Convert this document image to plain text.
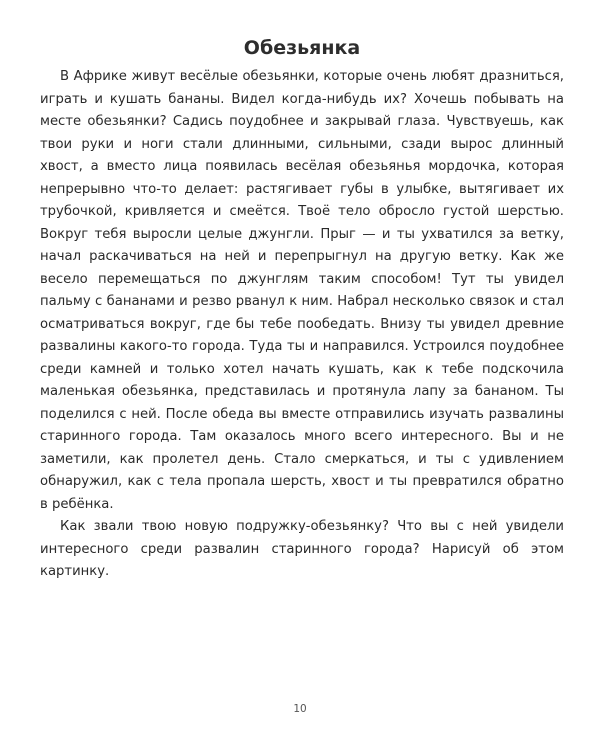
Обезьянка

В Африке живут весёлые обезьянки, которые очень любят дразниться, играть и кушать бананы. Видел когда-нибудь их? Хочешь побывать на месте обезьянки? Садись поудобнее и закрывай глаза. Чувствуешь, как твои руки и ноги стали длинными, сильными, сзади вырос длинный хвост, а вместо лица появилась весёлая обезьянья мордочка, которая непрерывно что-то делает: растягивает губы в улыбке, вытягивает их трубочкой, кривляется и смеётся. Твоё тело обросло густой шерстью. Вокруг тебя выросли целые джунгли. Прыг — и ты ухватился за ветку, начал раскачиваться на ней и перепрыгнул на другую ветку. Как же весело перемещаться по джунглям таким способом! Тут ты увидел пальму с бананами и резво рванул к ним. Набрал несколько связок и стал осматриваться вокруг, где бы тебе пообедать. Внизу ты увидел древние развалины какого-то города. Туда ты и направился. Устроился поудобнее среди камней и только хотел начать кушать, как к тебе подскочила маленькая обезьянка, представилась и протянула лапу за бананом. Ты поделился с ней. После обеда вы вместе отправились изучать развалины старинного города. Там оказалось много всего интересного. Вы и не заметили, как пролетел день. Стало смеркаться, и ты с удивлением обнаружил, как с тела пропала шерсть, хвост и ты превратился обратно в ребёнка.

Как звали твою новую подружку-обезьянку? Что вы с ней увидели интересного среди развалин старинного города? Нарисуй об этом картинку.

10
